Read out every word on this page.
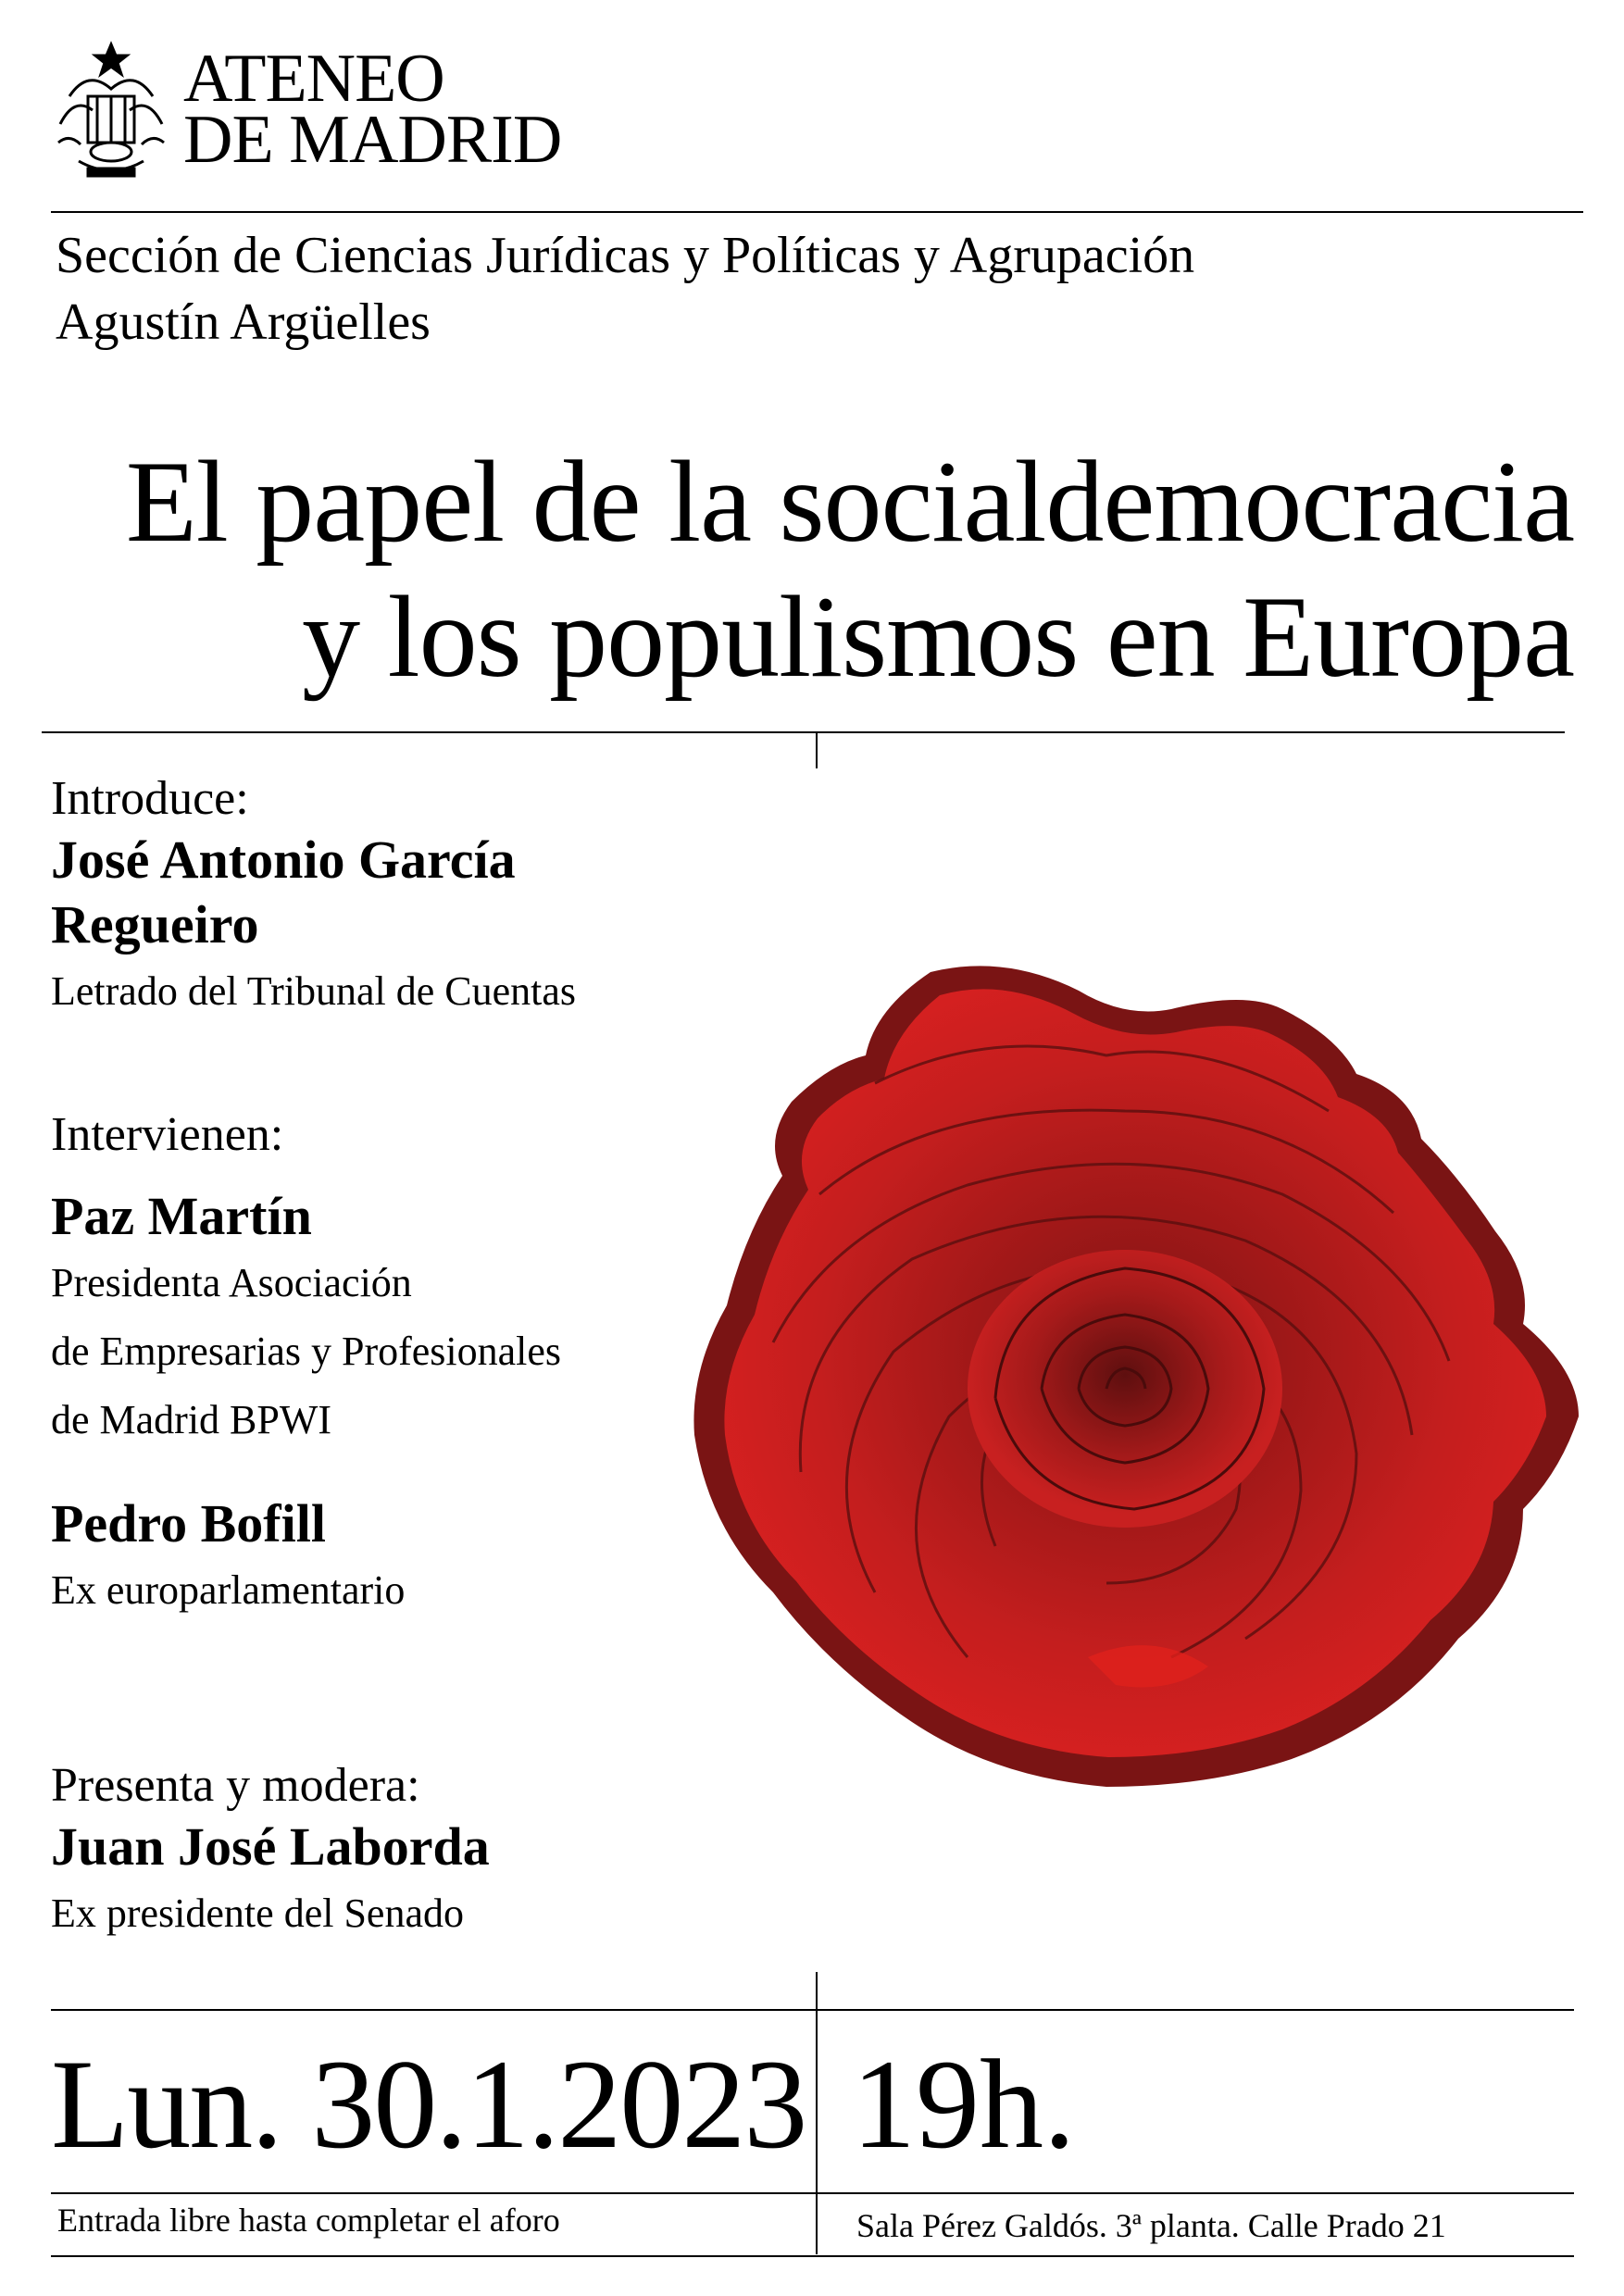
ATENEO
DE MADRID
Sección de Ciencias Jurídicas y Políticas y Agrupación
Agustín Argüelles
El papel de la socialdemocracia
y los populismos en Europa
Introduce:
José Antonio García
Regueiro
Letrado del Tribunal de Cuentas
Intervienen:
Paz Martín
Presidenta Asociación
de Empresarias y Profesionales
de Madrid BPWI
Pedro Bofill
Ex europarlamentario
Presenta y modera:
Juan José Laborda
Ex presidente del Senado
Lun. 30.1.2023 19h.
Entrada libre hasta completar el aforo	Sala Pérez Galdós. 3ª planta. Calle Prado 21
